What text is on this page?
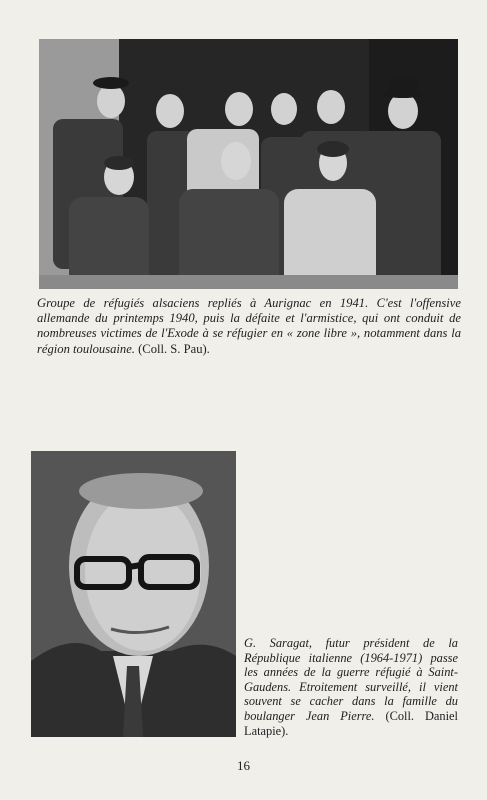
Groupe de réfugiés alsaciens repliés à Aurignac en 1941. C'est l'offensive allemande du printemps 1940, puis la défaite et l'armistice, qui ont conduit de nombreuses victimes de l'Exode à se réfugier en « zone libre », notamment dans la région toulousaine. (Coll. S. Pau).

G. Saragat, futur président de la République italienne (1964-1971) passe les années de la guerre réfugié à Saint-Gaudens. Etroitement surveillé, il vient souvent se cacher dans la famille du boulanger Jean Pierre. (Coll. Daniel Latapie).

16
